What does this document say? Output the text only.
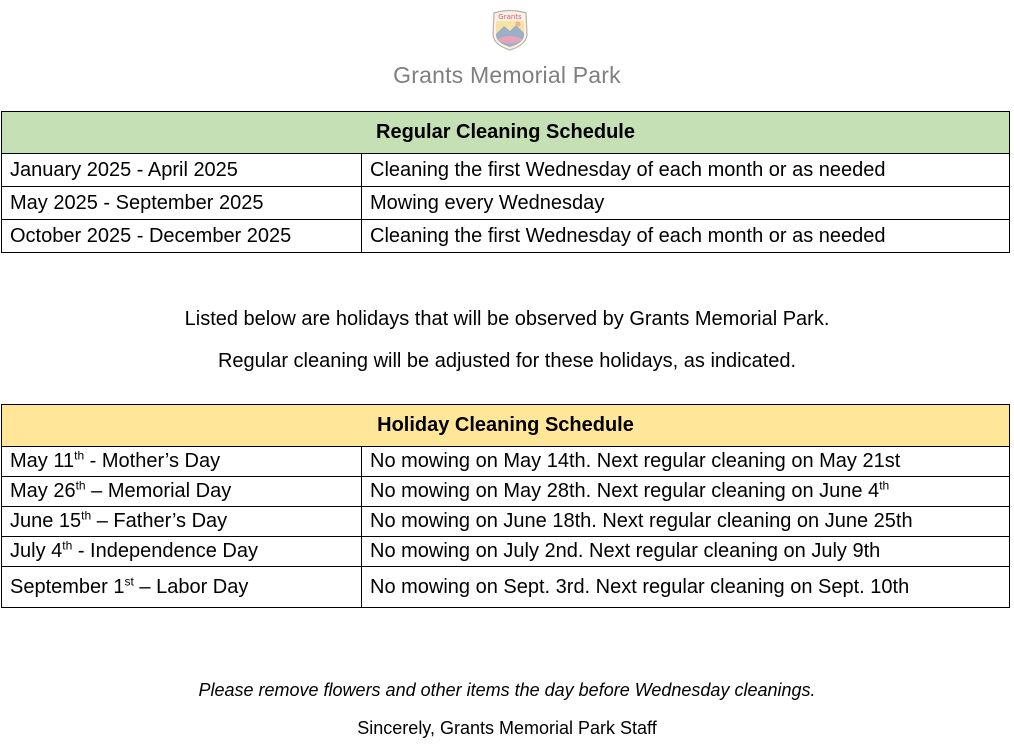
Grants
Grants Memorial Park
Regular Cleaning Schedule	
January 2025 - April 2025	Cleaning the first Wednesday of each month or as needed
May 2025 - September 2025	Mowing every Wednesday
October 2025 - December 2025	Cleaning the first Wednesday of each month or as needed
Listed below are holidays that will be observed by Grants Memorial Park.
Regular cleaning will be adjusted for these holidays, as indicated.
Holiday Cleaning Schedule	
May 11th - Mother’s Day	No mowing on May 14th. Next regular cleaning on May 21st
May 26th – Memorial Day	No mowing on May 28th. Next regular cleaning on June 4th
June 15th – Father’s Day	No mowing on June 18th. Next regular cleaning on June 25th
July 4th - Independence Day	No mowing on July 2nd. Next regular cleaning on July 9th
September 1st – Labor Day	No mowing on Sept. 3rd. Next regular cleaning on Sept. 10th
Please remove flowers and other items the day before Wednesday cleanings.
Sincerely, Grants Memorial Park Staff
